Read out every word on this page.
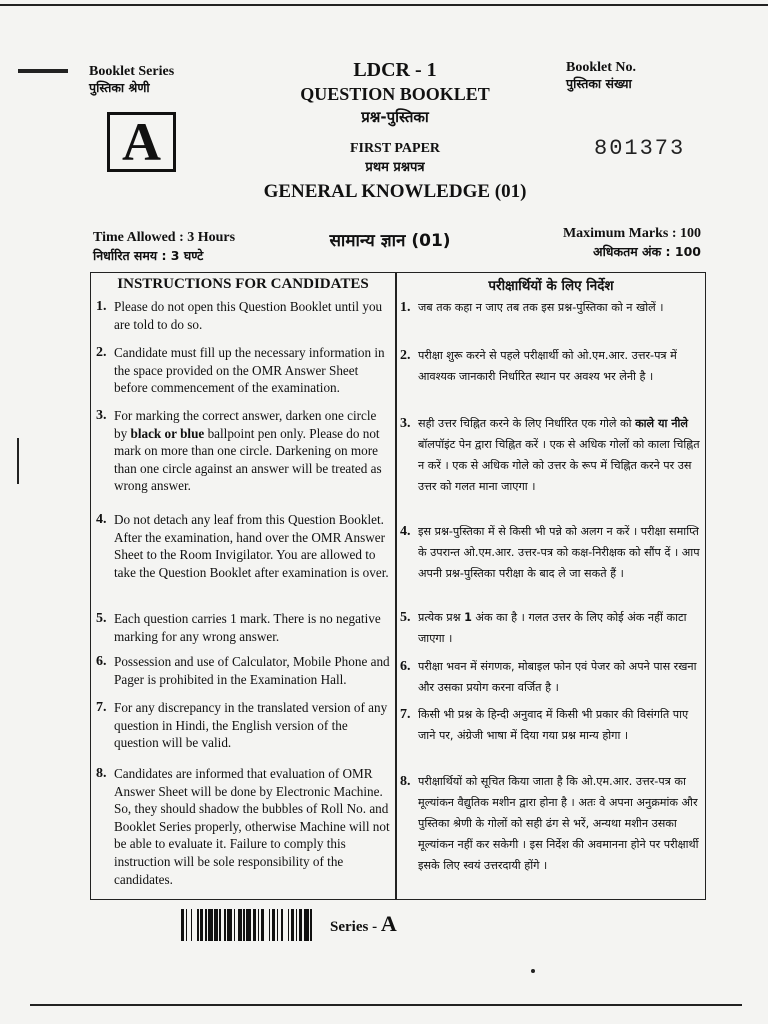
Booklet Series
पुस्तिका श्रेणी
A
LDCR - 1
QUESTION BOOKLET
प्रश्न-पुस्तिका
FIRST PAPER
प्रथम प्रश्नपत्र
GENERAL KNOWLEDGE (01)
Booklet No.
पुस्तिका संख्या
801373
Time Allowed : 3 Hours
निर्धारित समय : 3 घण्टे
सामान्य ज्ञान (01)	Maximum Marks : 100
अधिकतम अंक : 100
INSTRUCTIONS FOR CANDIDATES	परीक्षार्थियों के लिए निर्देश
1. Please do not open this Question Booklet until you are told to do so.
2. Candidate must fill up the necessary information in the space provided on the OMR Answer Sheet before commencement of the examination.
3. For marking the correct answer, darken one circle by black or blue ballpoint pen only. Please do not mark on more than one circle. Darkening on more than one circle against an answer will be treated as wrong answer.
4. Do not detach any leaf from this Question Booklet. After the examination, hand over the OMR Answer Sheet to the Room Invigilator. You are allowed to take the Question Booklet after examination is over.
5. Each question carries 1 mark. There is no negative marking for any wrong answer.
6. Possession and use of Calculator, Mobile Phone and Pager is prohibited in the Examination Hall.
7. For any discrepancy in the translated version of any question in Hindi, the English version of the question will be valid.
8. Candidates are informed that evaluation of OMR Answer Sheet will be done by Electronic Machine. So, they should shadow the bubbles of Roll No. and Booklet Series properly, otherwise Machine will not be able to evaluate it. Failure to comply this instruction will be sole responsibility of the candidates.
1. जब तक कहा न जाए तब तक इस प्रश्न-पुस्तिका को न खोलें ।
2. परीक्षा शुरू करने से पहले परीक्षार्थी को ओ.एम.आर. उत्तर-पत्र में आवश्यक जानकारी निर्धारित स्थान पर अवश्य भर लेनी है ।
3. सही उत्तर चिह्नित करने के लिए निर्धारित एक गोले को काले या नीले बॉलपॉइंट पेन द्वारा चिह्नित करें । एक से अधिक गोलों को काला चिह्नित न करें । एक से अधिक गोले को उत्तर के रूप में चिह्नित करने पर उस उत्तर को गलत माना जाएगा ।
4. इस प्रश्न-पुस्तिका में से किसी भी पन्ने को अलग न करें । परीक्षा समाप्ति के उपरान्त ओ.एम.आर. उत्तर-पत्र को कक्ष-निरीक्षक को सौंप दें । आप अपनी प्रश्न-पुस्तिका परीक्षा के बाद ले जा सकते हैं ।
5. प्रत्येक प्रश्न 1 अंक का है । गलत उत्तर के लिए कोई अंक नहीं काटा जाएगा ।
6. परीक्षा भवन में संगणक, मोबाइल फोन एवं पेजर को अपने पास रखना और उसका प्रयोग करना वर्जित है ।
7. किसी भी प्रश्न के हिन्दी अनुवाद में किसी भी प्रकार की विसंगति पाए जाने पर, अंग्रेजी भाषा में दिया गया प्रश्न मान्य होगा ।
8. परीक्षार्थियों को सूचित किया जाता है कि ओ.एम.आर. उत्तर-पत्र का मूल्यांकन वैद्युतिक मशीन द्वारा होना है । अतः वे अपना अनुक्रमांक और पुस्तिका श्रेणी के गोलों को सही ढंग से भरें, अन्यथा मशीन उसका मूल्यांकन नहीं कर सकेगी । इस निर्देश की अवमानना होने पर परीक्षार्थी इसके लिए स्वयं उत्तरदायी होंगे ।
Series - A
